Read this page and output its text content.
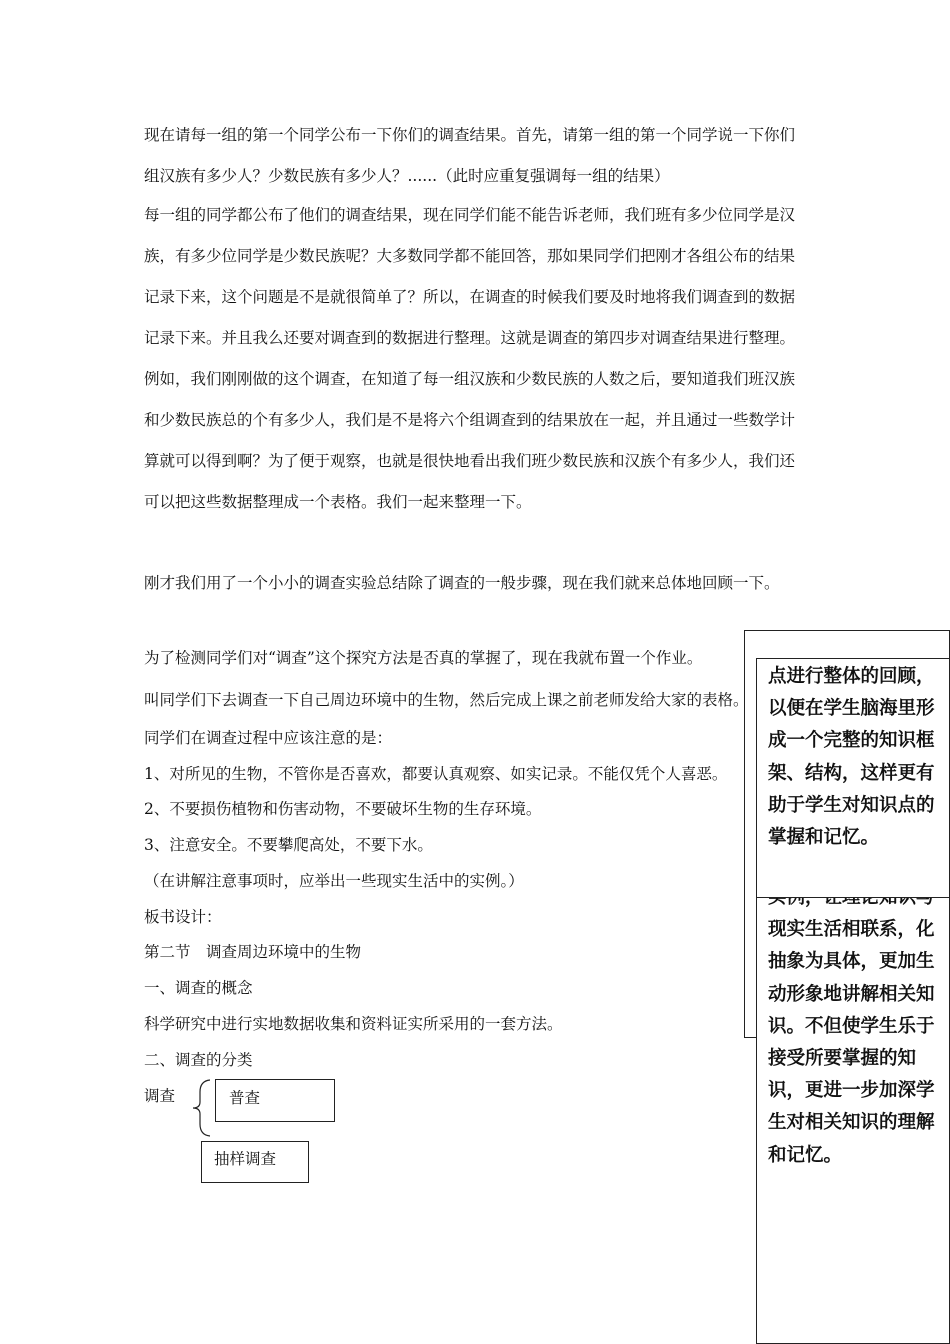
现在请每一组的第一个同学公布一下你们的调查结果。首先，请第一组的第一个同学说一下你们组汉族有多少人？少数民族有多少人？......（此时应重复强调每一组的结果）
每一组的同学都公布了他们的调查结果，现在同学们能不能告诉老师，我们班有多少位同学是汉族，有多少位同学是少数民族呢？大多数同学都不能回答，那如果同学们把刚才各组公布的结果记录下来，这个问题是不是就很简单了？所以，在调查的时候我们要及时地将我们调查到的数据记录下来。并且我么还要对调查到的数据进行整理。这就是调查的第四步对调查结果进行整理。例如，我们刚刚做的这个调查，在知道了每一组汉族和少数民族的人数之后，要知道我们班汉族和少数民族总的个有多少人，我们是不是将六个组调查到的结果放在一起，并且通过一些数学计算就可以得到啊？为了便于观察，也就是很快地看出我们班少数民族和汉族个有多少人，我们还可以把这些数据整理成一个表格。我们一起来整理一下。
刚才我们用了一个小小的调查实验总结除了调查的一般步骤，现在我们就来总体地回顾一下。
为了检测同学们对“调查”这个探究方法是否真的掌握了，现在我就布置一个作业。
叫同学们下去调查一下自己周边环境中的生物，然后完成上课之前老师发给大家的表格。
同学们在调查过程中应该注意的是：
1、对所见的生物，不管你是否喜欢，都要认真观察、如实记录。不能仅凭个人喜恶。
2、不要损伤植物和伤害动物，不要破坏生物的生存环境。
3、注意安全。不要攀爬高处，不要下水。
（在讲解注意事项时，应举出一些现实生活中的实例。）
板书设计：
第二节　调查周边环境中的生物
一、调查的概念
科学研究中进行实地数据收集和资料证实所采用的一套方法。
二、调查的分类
调查	普查
抽样调查
现实生活相联系，化抽象为具体，更加生动形象地讲解相关知识。不但使学生乐于接受所要掌握的知识，更进一步加深学生对相关知识的理解和记忆。
点进行整体的回顾，以便在学生脑海里形成一个完整的知识框架、结构，这样更有助于学生对知识点的掌握和记忆。
